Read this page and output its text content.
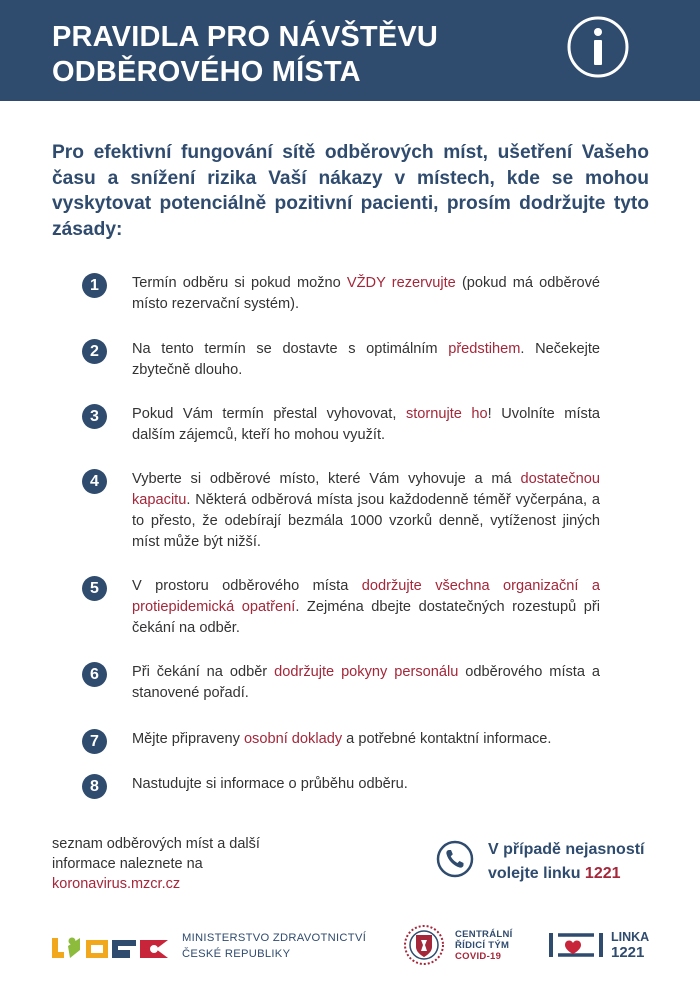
PRAVIDLA PRO NÁVŠTĚVU
ODBĚROVÉHO MÍSTA
Pro efektivní fungování sítě odběrových míst, ušetření Vašeho času a snížení rizika Vaší nákazy v místech, kde se mohou vyskytovat potenciálně pozitivní pacienti, prosím dodržujte tyto zásady:
1	Termín odběru si pokud možno VŽDY rezervujte (pokud má odběrové místo rezervační systém).
2	Na tento termín se dostavte s optimálním předstihem. Nečekejte zbytečně dlouho.
3	Pokud Vám termín přestal vyhovovat, stornujte ho! Uvolníte místa dalším zájemců, kteří ho mohou využít.
4	Vyberte si odběrové místo, které Vám vyhovuje a má dostatečnou kapacitu. Některá odběrová místa jsou každodenně téměř vyčerpána, a to přesto, že odebírají bezmála 1000 vzorků denně, vytíženost jiných míst může být nižší.
5	V prostoru odběrového místa dodržujte všechna organizační a protiepidemická opatření. Zejména dbejte dostatečných rozestupů při čekání na odběr.
6	Při čekání na odběr dodržujte pokyny personálu odběrového místa a stanovené pořadí.
7	Mějte připraveny osobní doklady a potřebné kontaktní informace.
8	Nastudujte si informace o průběhu odběru.
seznam odběrových míst a další
informace naleznete na
koronavirus.mzcr.cz
V případě nejasností
volejte linku 1221
MINISTERSTVO ZDRAVOTNICTVÍ
ČESKÉ REPUBLIKY
CENTRÁLNÍ
ŘÍDICÍ TÝM
COVID-19
LINKA
1221
